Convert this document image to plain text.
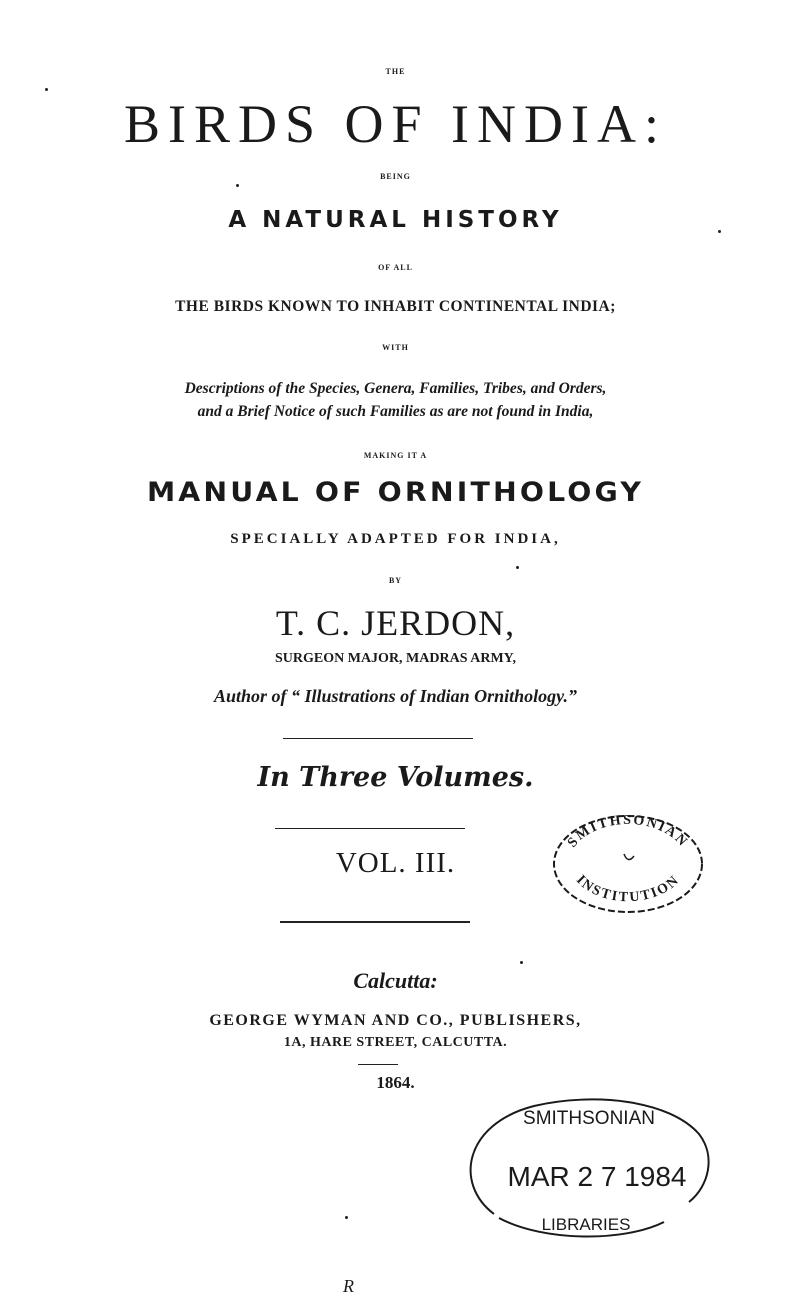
THE
BIRDS OF INDIA:
BEING
A NATURAL HISTORY
OF ALL
THE BIRDS KNOWN TO INHABIT CONTINENTAL INDIA;
WITH
Descriptions of the Species, Genera, Families, Tribes, and Orders,
and a Brief Notice of such Families as are not found in India,
MAKING IT A
MANUAL OF ORNITHOLOGY
SPECIALLY ADAPTED FOR INDIA,
BY
T. C. JERDON,
SURGEON MAJOR, MADRAS ARMY,
Author of “ Illustrations of Indian Ornithology.”
In Three Volumes.
VOL. III.
Calcutta:
GEORGE WYMAN AND CO., PUBLISHERS,
1A, HARE STREET, CALCUTTA.
1864.
SMITHSONIAN
INSTITUTION
SMITHSONIAN
MAR 2 7 1984
LIBRARIES
R
